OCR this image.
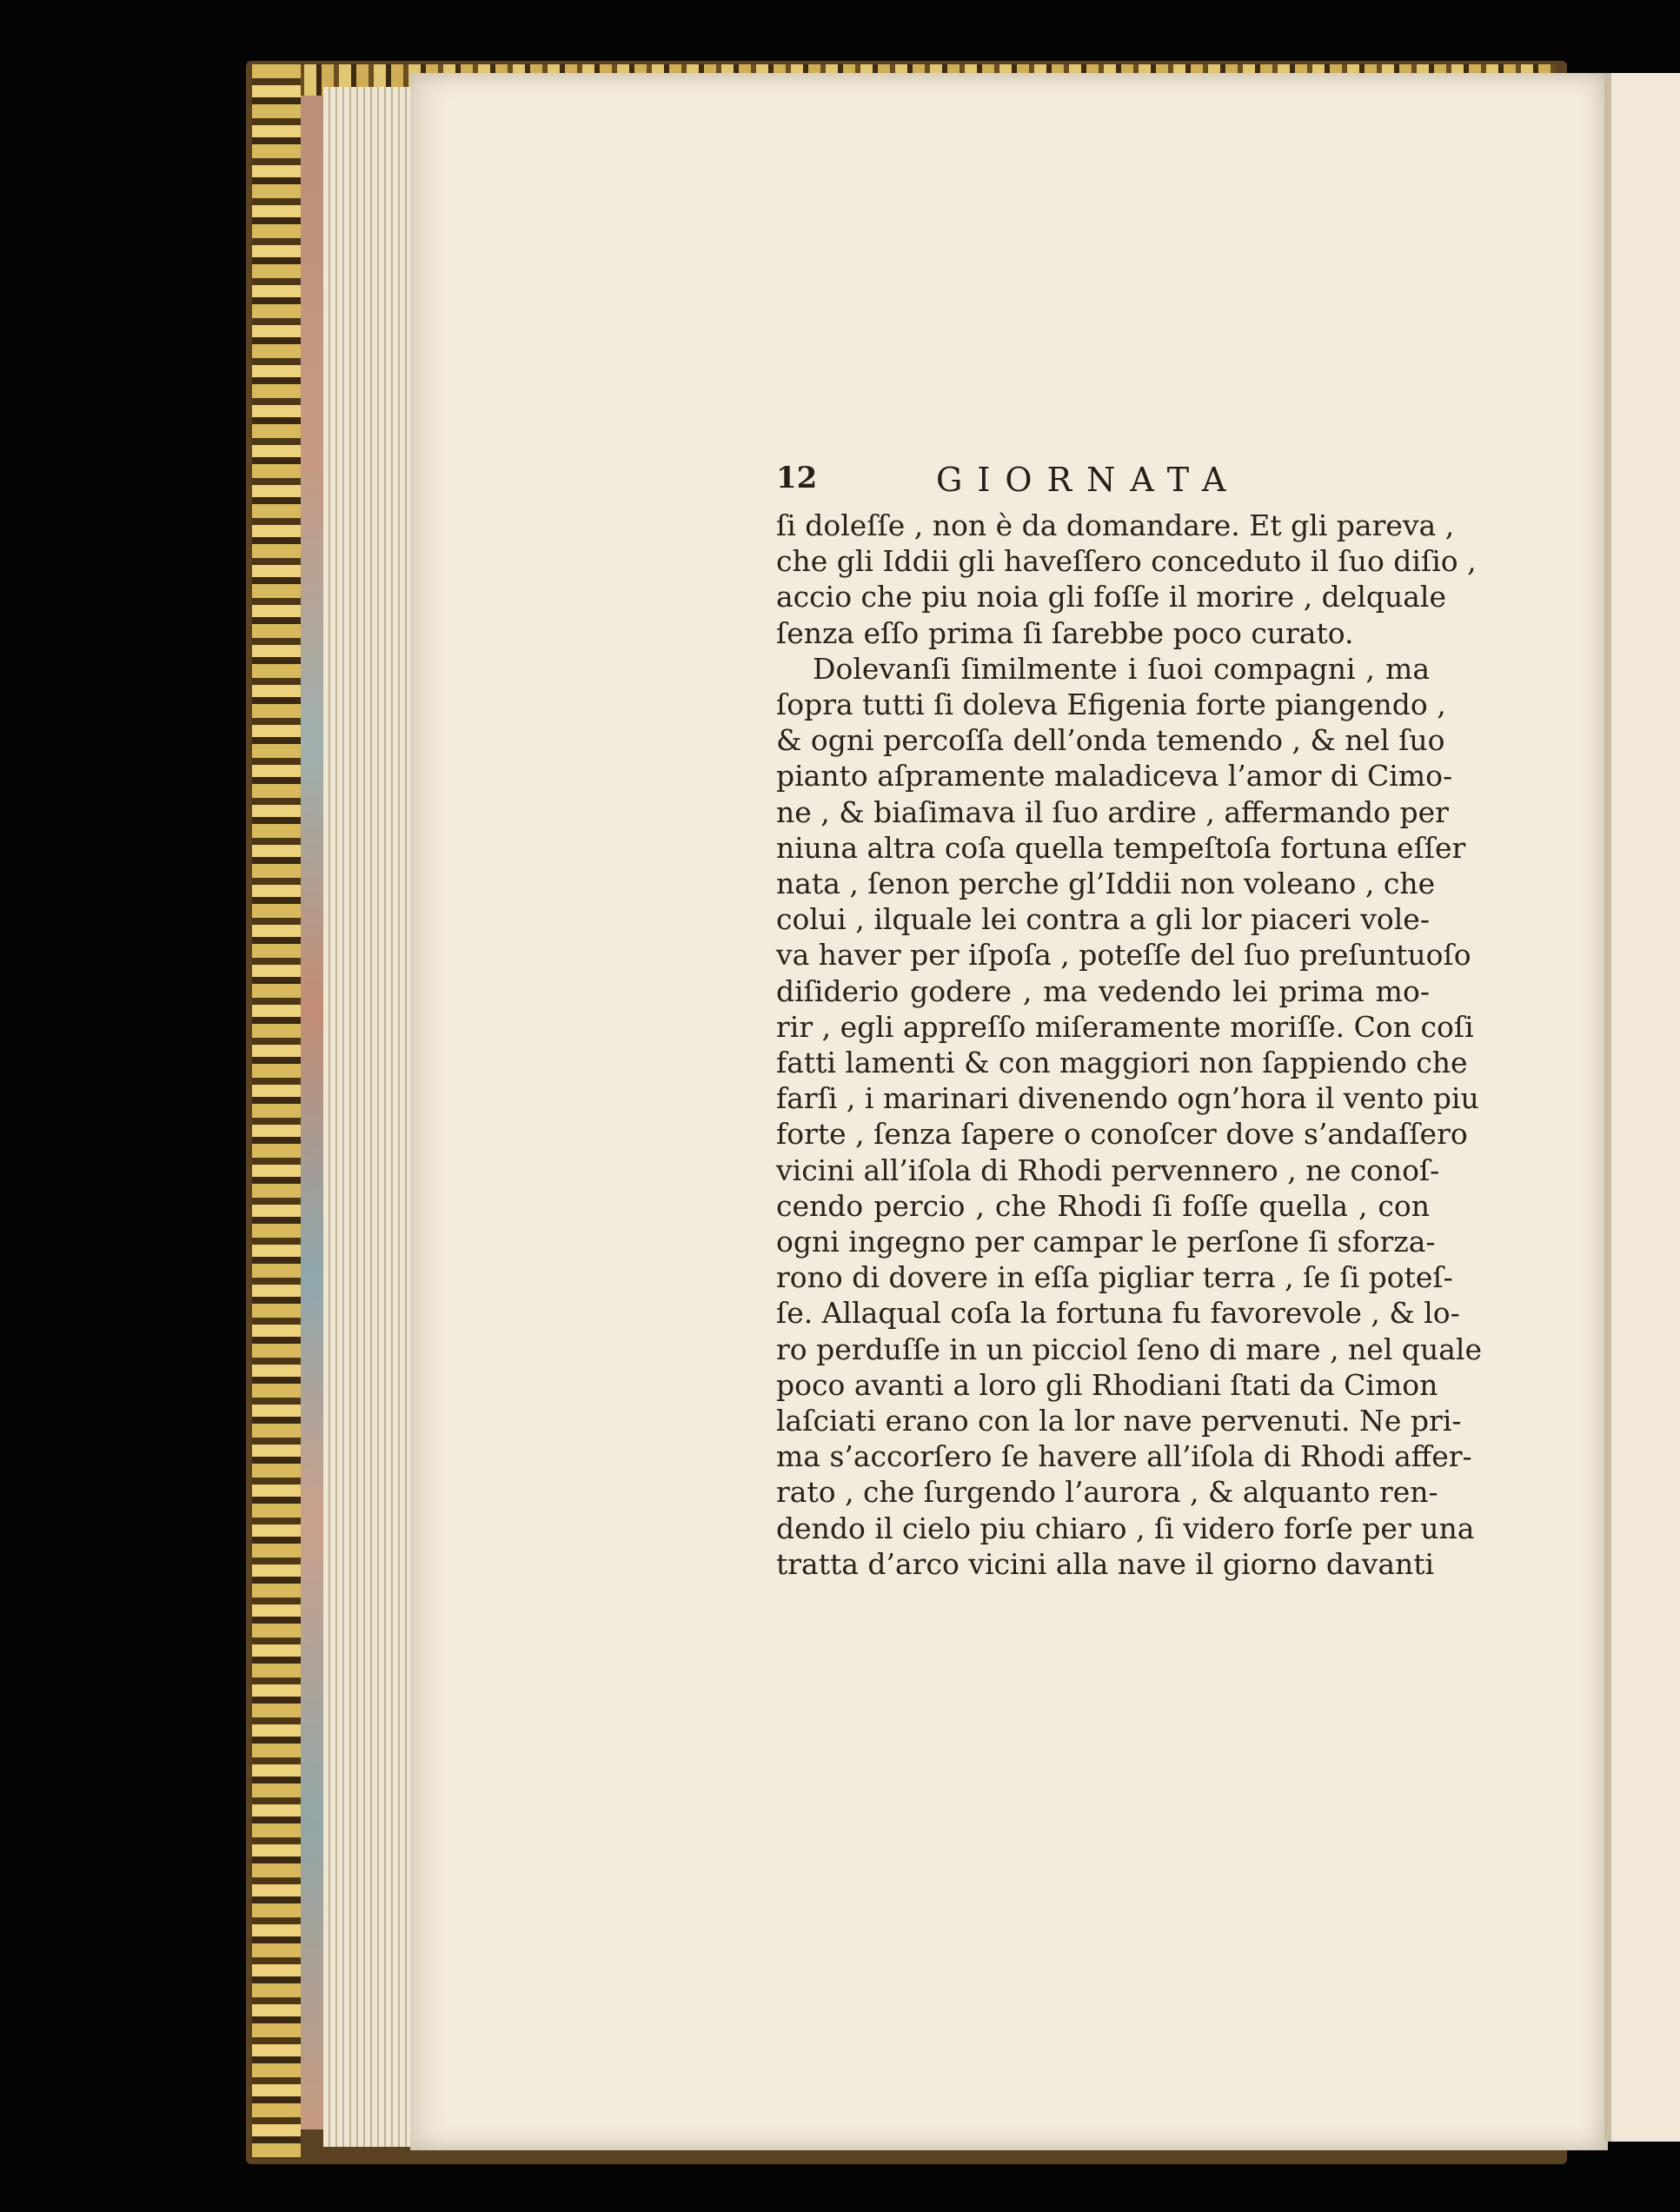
12	GIORNATA
ſi doleſſe , non è da domandare. Et gli pareva ,
che gli Iddii gli haveſſero conceduto il ſuo diſio ,
accio che piu noia gli foſſe il morire , delquale
ſenza eſſo prima ſi ſarebbe poco curato.
Dolevanſi ſimilmente i ſuoi compagni , ma
ſopra tutti ſi doleva Efigenia forte piangendo ,
& ogni percoſſa dell’onda temendo , & nel ſuo
pianto aſpramente maladiceva l’amor di Cimo-
ne , & biaſimava il ſuo ardire , affermando per
niuna altra coſa quella tempeſtoſa fortuna eſſer
nata , ſenon perche gl’Iddii non voleano , che
colui , ilquale lei contra a gli lor piaceri vole-
va haver per iſpoſa , poteſſe del ſuo preſuntuoſo
diſiderio godere , ma vedendo lei prima mo-
rir , egli appreſſo miſeramente moriſſe. Con coſi
fatti lamenti & con maggiori non ſappiendo che
farſi , i marinari divenendo ogn’hora il vento piu
forte , ſenza ſapere o conoſcer dove s’andaſſero
vicini all’iſola di Rhodi pervennero , ne conoſ-
cendo percio , che Rhodi ſi foſſe quella , con
ogni ingegno per campar le perſone ſi sforza-
rono di dovere in eſſa pigliar terra , ſe ſi poteſ-
ſe. Allaqual coſa la fortuna fu favorevole , & lo-
ro perduſſe in un picciol ſeno di mare , nel quale
poco avanti a loro gli Rhodiani ſtati da Cimon
laſciati erano con la lor nave pervenuti. Ne pri-
ma s’accorſero ſe havere all’iſola di Rhodi affer-
rato , che ſurgendo l’aurora , & alquanto ren-
dendo il cielo piu chiaro , ſi videro forſe per una
tratta d’arco vicini alla nave il giorno davanti
